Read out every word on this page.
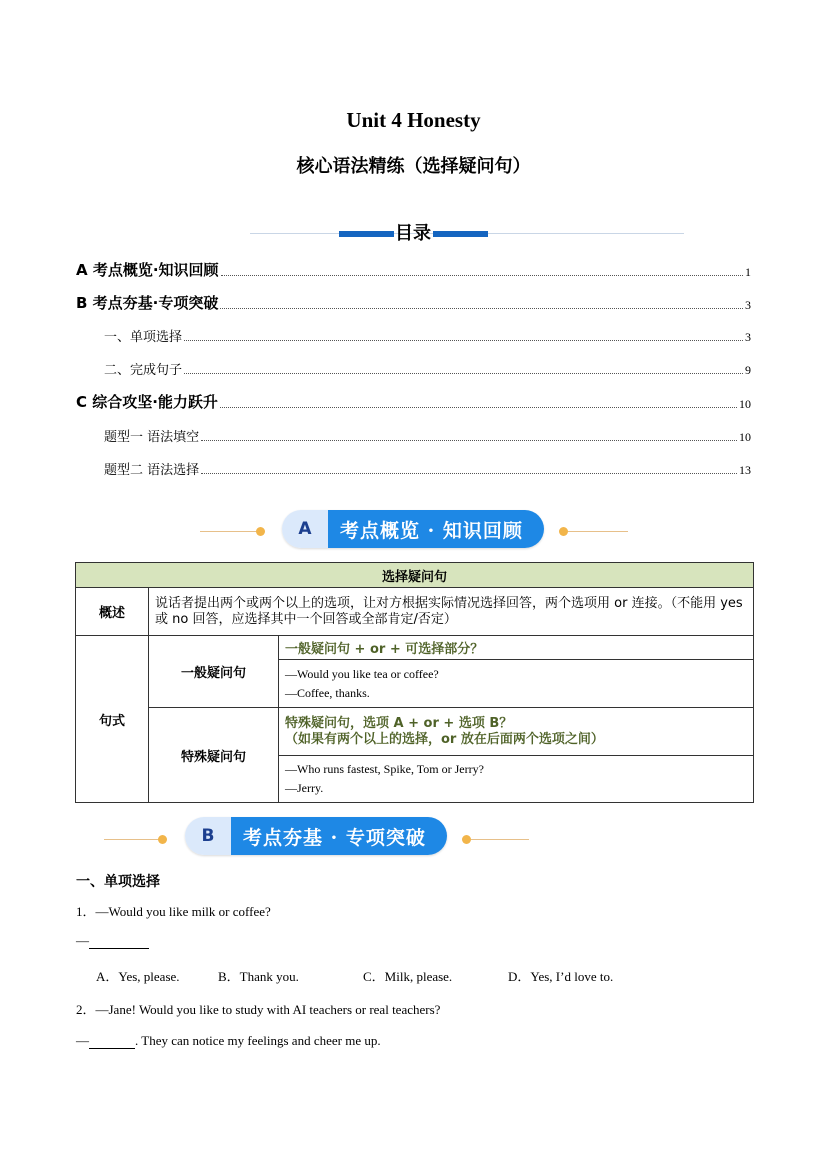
Unit 4 Honesty
核心语法精练（选择疑问句）
目录
A 考点概览·知识回顾	1
B 考点夯基·专项突破	3
一、单项选择	3
二、完成句子	9
C 综合攻坚·能力跃升	10
题型一 语法填空	10
题型二 语法选择	13
A	考点概览 · 知识回顾
选择疑问句		
概述	说话者提出两个或两个以上的选项，让对方根据实际情况选择回答，两个选项用 or 连接。（不能用 yes 或 no 回答，应选择其中一个回答或全部肯定/否定）	
句式	一般疑问句	一般疑问句 + or + 可选择部分？

		—Would you like tea or coffee?
—Coffee, thanks.

	特殊疑问句	特殊疑问句，选项 A + or + 选项 B？
（如果有两个以上的选择，or 放在后面两个选项之间）

		—Who runs fastest, Spike, Tom or Jerry?
—Jerry.
B	考点夯基 · 专项突破
一、单项选择
1．—Would you like milk or coffee?
—
A．Yes, please.	B．Thank you.	C．Milk, please.	D．Yes, I’d love to.
2．—Jane! Would you like to study with AI teachers or real teachers?
—	. They can notice my feelings and cheer me up.
